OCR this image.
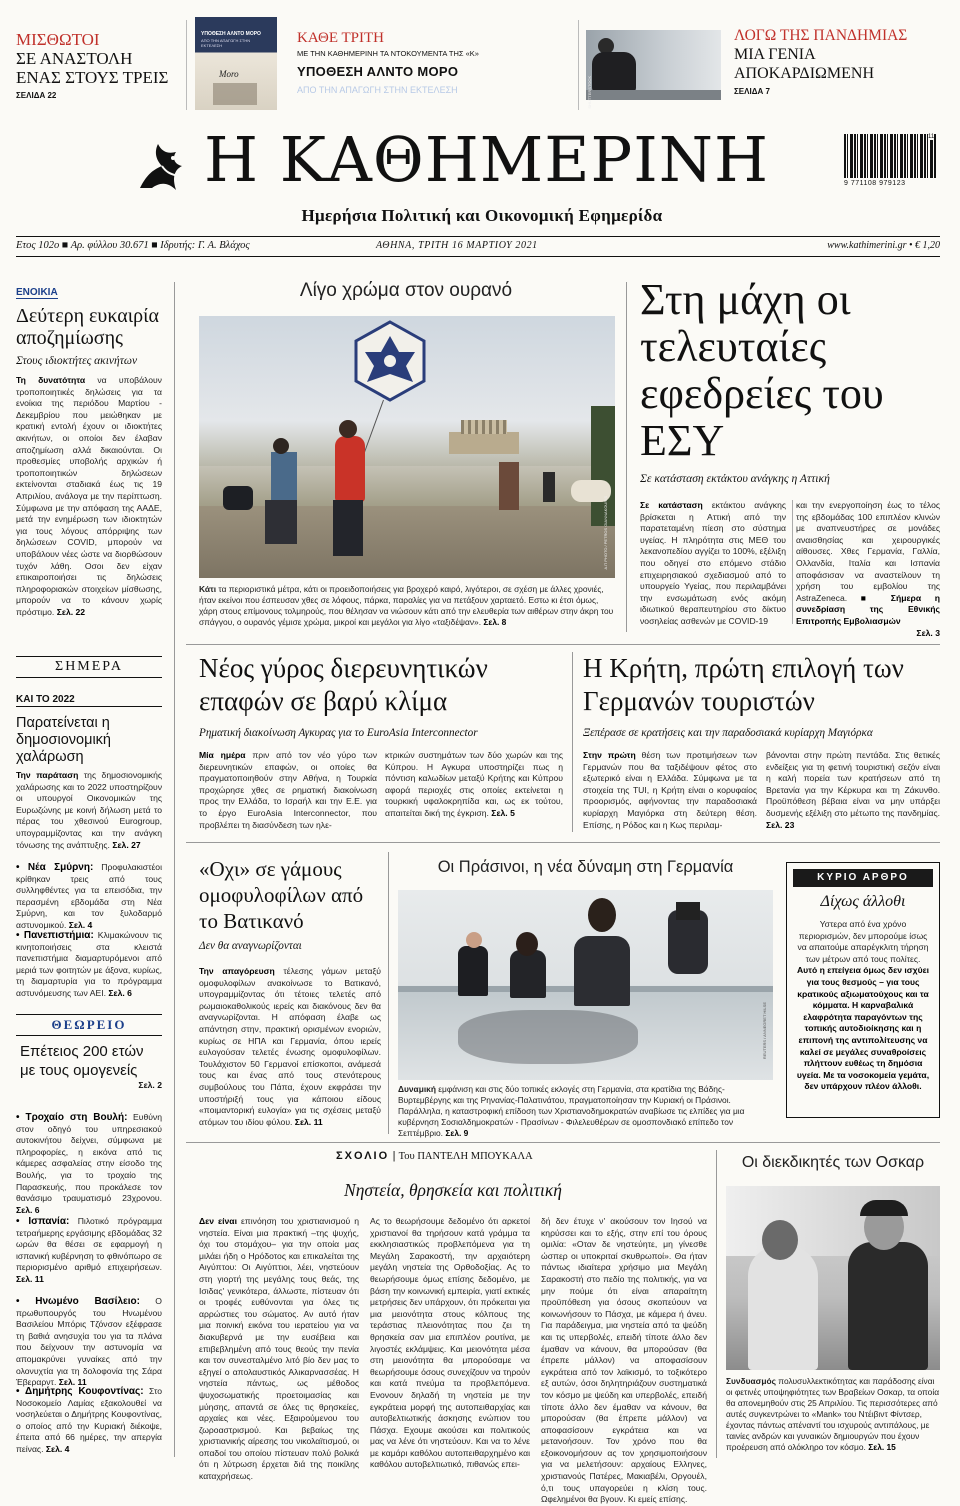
ΜΙΣΘΩΤΟΙ
ΣΕ ΑΝΑΣΤΟΛΗ
ΕΝΑΣ ΣΤΟΥΣ ΤΡΕΙΣ
ΣΕΛΙΔΑ 22
ΥΠΟΘΕΣΗ ΑΛΝΤΟ ΜΟΡΟ
ΑΠΟ ΤΗΝ ΑΠΑΓΩΓΗ ΣΤΗΝ ΕΚΤΕΛΕΣΗ
Moro
ΚΑΘΕ ΤΡΙΤΗ
ΜΕ ΤΗΝ ΚΑΘΗΜΕΡΙΝΗ ΤΑ ΝΤΟΚΟΥΜΕΝΤΑ ΤΗΣ «Κ»
ΥΠΟΘΕΣΗ ΑΛΝΤΟ ΜΟΡΟ
ΑΠΟ ΤΗΝ ΑΠΑΓΩΓΗ ΣΤΗΝ ΕΚΤΕΛΕΣΗ	SHUTTERSTOCK
ΛΟΓΩ ΤΗΣ ΠΑΝΔΗΜΙΑΣ
ΜΙΑ ΓΕΝΙΑ
ΑΠΟΚΑΡΔΙΩΜΕΝΗ
ΣΕΛΙΔΑ 7
Η ΚΑΘΗΜΕΡΙΝΗ
Ημερήσια Πολιτική και Οικονομική Εφημερίδα
9 771108 979123
11
Ετος 102ο ■ Αρ. φύλλου 30.671 ■ Ιδρυτής: Γ. Α. Βλάχος	ΑΘΗΝΑ, ΤΡΙΤΗ 16 ΜΑΡΤΙΟΥ 2021	www.kathimerini.gr • € 1,20
ΕΝΟΙΚΙΑ
Δεύτερη ευκαιρία αποζημίωσης
Στους ιδιοκτήτες ακινήτων
Τη δυνατότητα να υποβάλουν τροποποιητικές δηλώσεις για τα ενοίκια της περιόδου Μαρτίου - Δεκεμβρίου που μειώθηκαν με κρατική εντολή έχουν οι ιδιοκτήτες ακινήτων, οι οποίοι δεν έλαβαν αποζημίωση αλλά δικαιούνται. Οι προθεσμίες υποβολής αρχικών ή τροποποιητικών δηλώσεων εκτείνονται σταδιακά έως τις 19 Απριλίου, ανάλογα με την περίπτωση. Σύμφωνα με την απόφαση της ΑΑΔΕ, μετά την ενημέρωση των ιδιοκτητών για τους λόγους απόρριψης των δηλώσεων COVID, μπορούν να υποβάλουν νέες ώστε να διορθώσουν τυχόν λάθη. Οσοι δεν είχαν επικαιροποιήσει τις δηλώσεις πληροφοριακών στοιχείων μίσθωσης, μπορούν να το κάνουν χωρίς πρόστιμο. Σελ. 22
ΣΗΜΕΡΑ
ΚΑΙ ΤΟ 2022
Παρατείνεται η δημοσιονομική χαλάρωση
Την παράταση της δημοσιονομικής χαλάρωσης και το 2022 υποστηρίζουν οι υπουργοί Οικονομικών της Ευρωζώνης με κοινή δήλωση μετά το πέρας του χθεσινού Eurogroup, υπογραμμίζοντας και την ανάγκη τόνωσης της ανάπτυξης. Σελ. 27
• Νέα Σμύρνη: Προφυλακιστέοι κρίθηκαν τρεις από τους συλληφθέντες για τα επεισόδια, την περασμένη εβδομάδα στη Νέα Σμύρνη, και τον ξυλοδαρμό αστυνομικού. Σελ. 4
• Πανεπιστήμια: Κλιμακώνουν τις κινητοποιήσεις στα κλειστά πανεπιστήμια διαμαρτυρόμενοι από μεριά των φοιτητών με άξονα, κυρίως, τη διαμαρτυρία για το πρόγραμμα αστυνόμευσης των ΑΕΙ. Σελ. 6
ΘΕΩΡΕΙΟ
Επέτειος 200 ετών με τους ομογενείς
Σελ. 2
• Τροχαίο στη Βουλή: Ευθύνη στον οδηγό του υπηρεσιακού αυτοκινήτου δείχνει, σύμφωνα με πληροφορίες, η εικόνα από τις κάμερες ασφαλείας στην είσοδο της Βουλής, για το τροχαίο της Παρασκευής, που προκάλεσε τον θανάσιμο τραυματισμό 23χρονου. Σελ. 6
• Ισπανία: Πιλοτικό πρόγραμμα τετραήμερης εργάσιμης εβδομάδας 32 ωρών θα θέσει σε εφαρμογή η ισπανική κυβέρνηση το φθινόπωρο σε περιορισμένο αριθμό επιχειρήσεων. Σελ. 11
• Ηνωμένο Βασίλειο: Ο πρωθυπουργός του Ηνωμένου Βασιλείου Μπόρις Τζόνσον εξέφρασε τη βαθιά ανησυχία του για τα πλάνα που δείχνουν την αστυνομία να απομακρύνει γυναίκες από την ολονυχτία για τη δολοφονία της Σάρα Έβεραρντ. Σελ. 11
• Δημήτρης Κουφοντίνας: Στο Νοσοκομείο Λαμίας εξακολουθεί να νοσηλεύεται ο Δημήτρης Κουφοντίνας, ο οποίος από την Κυριακή διέκοψε, έπειτα από 66 ημέρες, την απεργία πείνας. Σελ. 4
Λίγο χρώμα στον ουρανό
Α.Π PHOTO / PETROS GIANNAKOURIS
Κάτι τα περιοριστικά μέτρα, κάτι οι προειδοποιήσεις για βροχερό καιρό, λιγότεροι, σε σχέση με άλλες χρονιές, ήταν εκείνοι που έσπευσαν χθες σε λόφους, πάρκα, παραλίες για να πετάξουν χαρταετό. Εστω κι έτσι όμως, χάρη στους επίμονους τολμηρούς, που θέλησαν να νιώσουν κάτι από την ελευθερία των αιθέρων στην άκρη του σπάγγου, ο ουρανός γέμισε χρώμα, μικροί και μεγάλοι για λίγο «ταξιδέψαν». Σελ. 8
Στη μάχη οι τελευταίες εφεδρείες του ΕΣΥ
Σε κατάσταση εκτάκτου ανάγκης η Αττική
Σε κατάσταση εκτάκτου ανάγκης βρίσκεται η Αττική από την παρατεταμένη πίεση στο σύστημα υγείας. Η πληρότητα στις ΜΕΘ του λεκανοπεδίου αγγίζει το 100%, εξέλιξη που οδηγεί στο επόμενο στάδιο επιχειρησιακού σχεδιασμού από το υπουργείο Υγείας, που περιλαμβάνει την ενσωμάτωση ενός ακόμη ιδιωτικού θεραπευτηρίου στο δίκτυο νοσηλείας ασθενών με COVID-19
και την ενεργοποίηση έως το τέλος της εβδομάδας 100 επιπλέον κλινών με αναπνευστήρες σε μονάδες αναισθησίας και χειρουργικές αίθουσες. Χθες Γερμανία, Γαλλία, Ολλανδία, Ιταλία και Ισπανία αποφάσισαν να αναστείλουν τη χρήση του εμβολίου της AstraZeneca. ■ Σήμερα η συνεδρίαση της Εθνικής Επιτροπής Εμβολιασμών
Σελ. 3
Νέος γύρος διερευνητικών επαφών σε βαρύ κλίμα
Ρηματική διακοίνωση Αγκυρας για το EuroAsia Interconnector
Μία ημέρα πριν από τον νέο γύρο των διερευνητικών επαφών, οι οποίες θα πραγματοποιηθούν στην Αθήνα, η Τουρκία προχώρησε χθες σε ρηματική διακοίνωση προς την Ελλάδα, το Ισραήλ και την Ε.Ε. για το έργο EuroAsia Interconnector, που προβλέπει τη διασύνδεση των ηλε-
κτρικών συστημάτων των δύο χωρών και της Κύπρου. Η Αγκυρα υποστηρίζει πως η πόντιση καλωδίων μεταξύ Κρήτης και Κύπρου αφορά περιοχές στις οποίες εκτείνεται η τουρκική υφαλοκρηπίδα και, ως εκ τούτου, απαιτείται δική της έγκριση. Σελ. 5
Η Κρήτη, πρώτη επιλογή των Γερμανών τουριστών
Ξεπέρασε σε κρατήσεις και την παραδοσιακά κυρίαρχη Μαγιόρκα
Στην πρώτη θέση των προτιμήσεων των Γερμανών που θα ταξιδέψουν φέτος στο εξωτερικό είναι η Ελλάδα. Σύμφωνα με τα στοιχεία της TUI, η Κρήτη είναι ο κορυφαίος προορισμός, αφήνοντας την παραδοσιακά κυρίαρχη Μαγιόρκα στη δεύτερη θέση. Επίσης, η Ρόδος και η Κως περιλαμ-
βάνονται στην πρώτη πεντάδα. Στις θετικές ενδείξεις για τη φετινή τουριστική σεζόν είναι η καλή πορεία των κρατήσεων από τη Βρετανία για την Κέρκυρα και τη Ζάκυνθο. Προϋπόθεση βέβαια είναι να μην υπάρξει δυσμενής εξέλιξη στο μέτωπο της πανδημίας. Σελ. 23
«Οχι» σε γάμους ομοφυλοφίλων από το Βατικανό
Δεν θα αναγνωρίζονται
Την απαγόρευση τέλεσης γάμων μεταξύ ομοφυλοφίλων ανακοίνωσε το Βατικανό, υπογραμμίζοντας ότι τέτοιες τελετές από ρωμαιοκαθολικούς ιερείς και διακόνους δεν θα αναγνωρίζονται. Η απόφαση έλαβε ως απάντηση στην, πρακτική ορισμένων ενοριών, κυρίως σε ΗΠΑ και Γερμανία, όπου ιερείς ευλογούσαν τελετές ένωσης ομοφυλοφίλων. Τουλάχιστον 50 Γερμανοί επίσκοποι, ανάμεσά τους και ένας από τους στενότερους συμβούλους του Πάπα, έχουν εκφράσει την υποστήριξή τους για κάποιου είδους «ποιμαντορική ευλογία» για τις σχέσεις μεταξύ ατόμων του ιδίου φύλου. Σελ. 11
Οι Πράσινοι, η νέα δύναμη στη Γερμανία
REUTERS / ANNEGRET HILSE
Δυναμική εμφάνιση και στις δύο τοπικές εκλογές στη Γερμανία, στα κρατίδια της Βάδης-Βυρτεμβέργης και της Ρηνανίας-Παλατινάτου, πραγματοποίησαν την Κυριακή οι Πράσινοι. Παράλληλα, η καταστροφική επίδοση των Χριστιανοδημοκρατών αναβίωσε τις ελπίδες για μια κυβέρνηση Σοσιαλδημοκρατών - Πρασίνων - Φιλελευθέρων σε ομοσπονδιακό επίπεδο τον Σεπτέμβριο. Σελ. 9
ΚΥΡΙΟ ΑΡΘΡΟ
Δίχως άλλοθι
Υστερα από ένα χρόνο περιορισμών, δεν μπορούμε ίσως να απαιτούμε απαρέγκλιτη τήρηση των μέτρων από τους πολίτες. Αυτό η επείγεια όμως δεν ισχύει για τους θεσμούς – για τους κρατικούς αξιωματούχους και τα κόμματα. Η καρναβαλικά ελαφρότητα παραγόντων της τοπικής αυτοδιοίκησης και η επιπονή της αντιπολίτευσης να καλεί σε μεγάλες συναθροίσεις πλήττουν ευθέως τη δημόσια υγεία. Με τα νοσοκομεία γεμάτα, δεν υπάρχουν πλέον άλλοθι.
ΣΧΟΛΙΟ | Του ΠΑΝΤΕΛΗ ΜΠΟΥΚΑΛΑ
Νηστεία, θρησκεία και πολιτική
Δεν είναι επινόηση του χριστιανισμού η νηστεία. Είναι μια πρακτική –της ψυχής, όχι του στομάχου– για την οποία μας μιλάει ήδη ο Ηρόδοτος και επικαλείται της Αιγύπτου: Οι Αιγύπτιοι, λέει, νηστεύουν στη γιορτή της μεγάλης τους θεάς, της Ισιδας' γενικότερα, άλλωστε, πίστευαν ότι οι τροφές ευθύνονται για όλες τις αρρώστιες του σώματος. Αν αυτό ήταν μια ποινική εικόνα του ιερατείου για να διακυβερνά με την ευσέβεια και επιβεβλημένη από τους θεούς την πενία και τον συνεσταλμένο λιτό βίο δεν μας το εξηγεί ο απολαυστικός Αλικαρνασσέας. Η νηστεία πάντως, ως μέθοδος ψυχοσωματικής προετοιμασίας και μύησης, απαντά σε όλες τις θρησκείες, αρχαίες και νέες. Εξαιρούμενου του ζωροαστρισμού. Και βεβαίως της χριστιανικής αίρεσης του νικολαϊτισμού, οι οπαδοί του οποίου πίστευαν πολύ βολικά ότι η λύτρωση έρχεται διά της ποικίλης καταχρήσεως.
Ας το θεωρήσουμε δεδομένο ότι αρκετοί χριστιανοί θα τηρήσουν κατά γράμμα τα εκκλησιαστικώς προβλεπόμενα για τη Μεγάλη Σαρακοστή, την αρχαιότερη μεγάλη νηστεία της Ορθοδοξίας. Ας το θεωρήσουμε όμως επίσης δεδομένο, με βάση την κοινωνική εμπειρία, γιατί εκτικές μετρήσεις δεν υπάρχουν, ότι πρόκειται για μια μειονότητα στους κόλπους της τεράστιας πλειονότητας που ζει τη θρησκεία σαν μια επιπλέον ρουτίνα, με λιγοστές εκλάμψεις. Και μειονότητα μέσα στη μειονότητα θα μπορούσαμε να θεωρήσουμε όσους συνεχίζουν να τηρούν και κατά πνεύμα τα προβλεπόμενα. Ενονουν δηλαδή τη νηστεία με την εγκράτεια μορφή της αυτοπειθαρχίας και αυτοβελτιωτικής άσκησης ενώπιον του Πάσχα. Εχουμε ακούσει και πολιτικούς μας να λένε ότι νηστεύουν. Και να το λένε με καμάρι καθόλου αυτοπειθαρχημένο και καθόλου αυτοβελτιωτικό, πιθανώς επει-
δή δεν έτυχε ν' ακούσουν τον Ιησού να κηρύσσει και το εξής, στην επί του όρους ομιλία: «Οταν δε νηστεύητε, μη γίνεσθε ώσπερ οι υποκριταί σκυθρωποί». Θα ήταν πάντως ιδιαίτερα χρήσιμο μια Μεγάλη Σαρακοστή στο πεδίο της πολιτικής, για να μην πούμε ότι είναι απαραίτητη προϋπόθεση για όσους σκοπεύουν να κοινωνήσουν το Πάσχα, με κάμερα ή άνευ. Για παράδειγμα, μια νηστεία από τα ψεύδη και τις υπερβολές, επειδή τίποτε άλλο δεν έμαθαν να κάνουν, θα μπορούσαν (θα έπρεπε μάλλον) να αποφασίσουν εγκράτεια από τον λαϊκισμό, το τοξικότερο εξ αυτών, όσοι δηλητηριάζουν συστηματικά τον κόσμο με ψεύδη και υπερβολές, επειδή τίποτε άλλο δεν έμαθαν να κάνουν, θα μπορούσαν (θα έπρεπε μάλλον) να αποφασίσουν εγκράτεια και να μετανοήσουν. Τον χρόνο που θα εξοικονομήσουν ας τον χρησιμοποιήσουν για να μελετήσουν: αρχαίους Ελληνες, χριστιανούς Πατέρες, Μακιαβέλι, Οργουέλ, ό,τι τους υπαγορεύει η κλίση τους. Ωφελημένοι θα βγουν. Κι εμείς επίσης.
Οι διεκδικητές των Οσκαρ
Συνδυασμός πολυσυλλεκτικότητας και παράδοσης είναι οι φετινές υποψηφιότητες των Βραβείων Οσκαρ, τα οποία θα απονεμηθούν στις 25 Απριλίου. Τις περισσότερες από αυτές συγκεντρώνει το «Mank» του Ντέιβιντ Φίντσερ, έχοντας πάντως απέναντί του ισχυρούς αντιπάλους, με ταινίες ανδρών και γυναικών δημιουργών που έχουν προέρευση από ολόκληρο τον κόσμο. Σελ. 15
